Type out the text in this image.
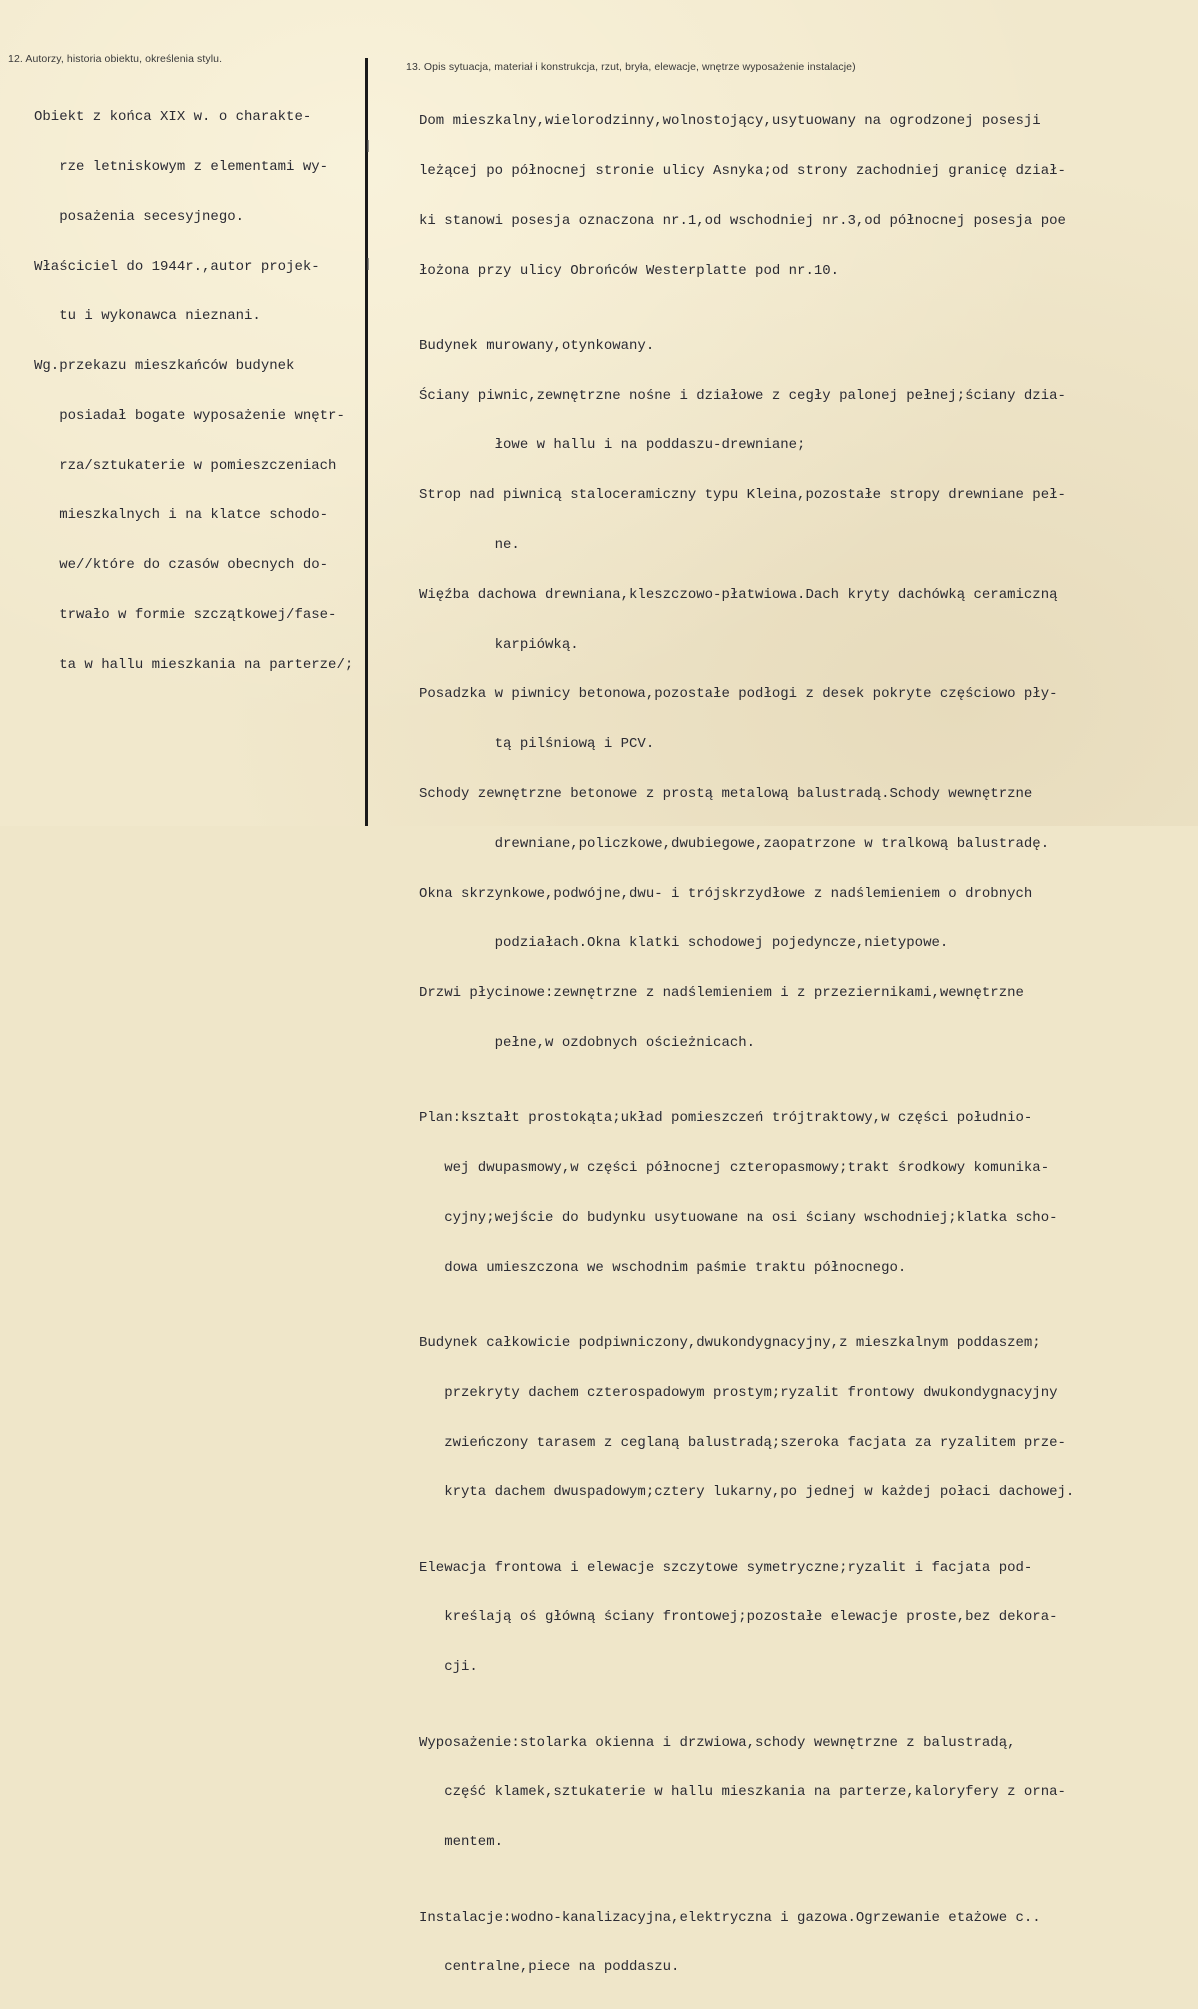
12. Autorzy, historia obiektu, określenia stylu.
13. Opis sytuacja, materiał i konstrukcja, rzut, bryła, elewacje, wnętrze wyposażenie instalacje)

Obiekt z końca XIX w. o charakte-

rze letniskowym z elementami wy-

posażenia secesyjnego.

Właściciel do 1944r.,autor projek-

tu i wykonawca nieznani.

Wg.przekazu mieszkańców budynek

posiadał bogate wyposażenie wnętr-

rza/sztukaterie w pomieszczeniach

mieszkalnych i na klatce schodo-

we//które do czasów obecnych do-

trwało w formie szczątkowej/fase-

ta w hallu mieszkania na parterze/;

Dom mieszkalny,wielorodzinny,wolnostojący,usytuowany na ogrodzonej posesji

leżącej po północnej stronie ulicy Asnyka;od strony zachodniej granicę dział-

ki stanowi posesja oznaczona nr.1,od wschodniej nr.3,od północnej posesja poe

łożona przy ulicy Obrońców Westerplatte pod nr.10.

Budynek murowany,otynkowany.

Ściany piwnic,zewnętrzne nośne i działowe z cegły palonej pełnej;ściany dzia-

łowe w hallu i na poddaszu-drewniane;

Strop nad piwnicą staloceramiczny typu Kleina,pozostałe stropy drewniane peł-

ne.

Więźba dachowa drewniana,kleszczowo-płatwiowa.Dach kryty dachówką ceramiczną

karpiówką.

Posadzka w piwnicy betonowa,pozostałe podłogi z desek pokryte częściowo pły-

tą pilśniową i PCV.

Schody zewnętrzne betonowe z prostą metalową balustradą.Schody wewnętrzne

drewniane,policzkowe,dwubiegowe,zaopatrzone w tralkową balustradę.

Okna skrzynkowe,podwójne,dwu- i trójskrzydłowe z nadślemieniem o drobnych

podziałach.Okna klatki schodowej pojedyncze,nietypowe.

Drzwi płycinowe:zewnętrzne z nadślemieniem i z przeziernikami,wewnętrzne

pełne,w ozdobnych ościeżnicach.

Plan:kształt prostokąta;układ pomieszczeń trójtraktowy,w części południo-

wej dwupasmowy,w części północnej czteropasmowy;trakt środkowy komunika-

cyjny;wejście do budynku usytuowane na osi ściany wschodniej;klatka scho-

dowa umieszczona we wschodnim paśmie traktu północnego.

Budynek całkowicie podpiwniczony,dwukondygnacyjny,z mieszkalnym poddaszem;

przekryty dachem czterospadowym prostym;ryzalit frontowy dwukondygnacyjny

zwieńczony tarasem z ceglaną balustradą;szeroka facjata za ryzalitem prze-

kryta dachem dwuspadowym;cztery lukarny,po jednej w każdej połaci dachowej.

Elewacja frontowa i elewacje szczytowe symetryczne;ryzalit i facjata pod-

kreślają oś główną ściany frontowej;pozostałe elewacje proste,bez dekora-

cji.

Wyposażenie:stolarka okienna i drzwiowa,schody wewnętrzne z balustradą,

część klamek,sztukaterie w hallu mieszkania na parterze,kaloryfery z orna-

mentem.

Instalacje:wodno-kanalizacyjna,elektryczna i gazowa.Ogrzewanie etażowe c..

centralne,piece na poddaszu.
